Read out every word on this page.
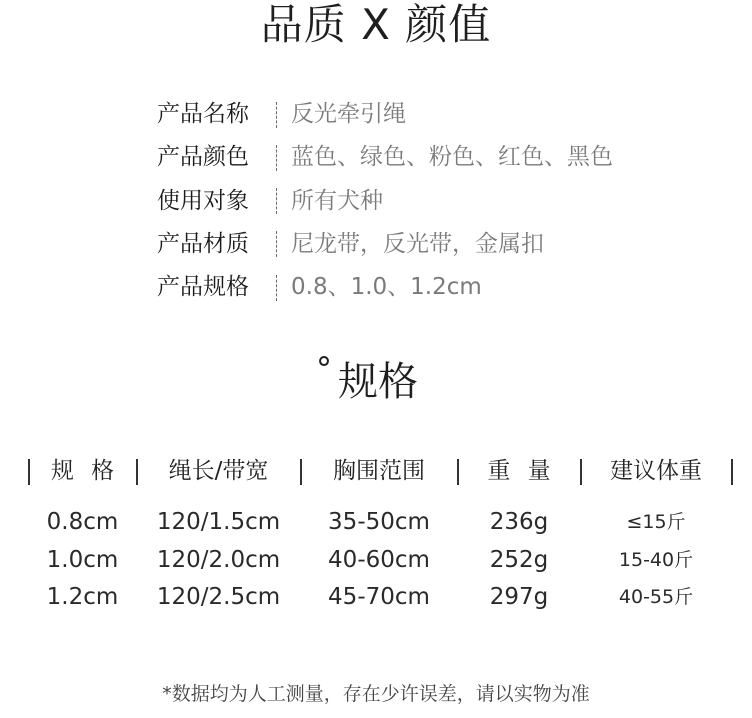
品质 X 颜值
产品名称 反光牵引绳
产品颜色 蓝色、绿色、粉色、红色、黑色
使用对象 所有犬种
产品材质 尼龙带，反光带，金属扣
产品规格 0.8、1.0、1.2cm
° 规格
规 格	绳长/带宽	胸围范围	重 量	建议体重
0.8cm	120/1.5cm	35-50cm	236g	≤15斤
1.0cm	120/2.0cm	40-60cm	252g	15-40斤
1.2cm	120/2.5cm	45-70cm	297g	40-55斤
*数据均为人工测量，存在少许误差，请以实物为准
